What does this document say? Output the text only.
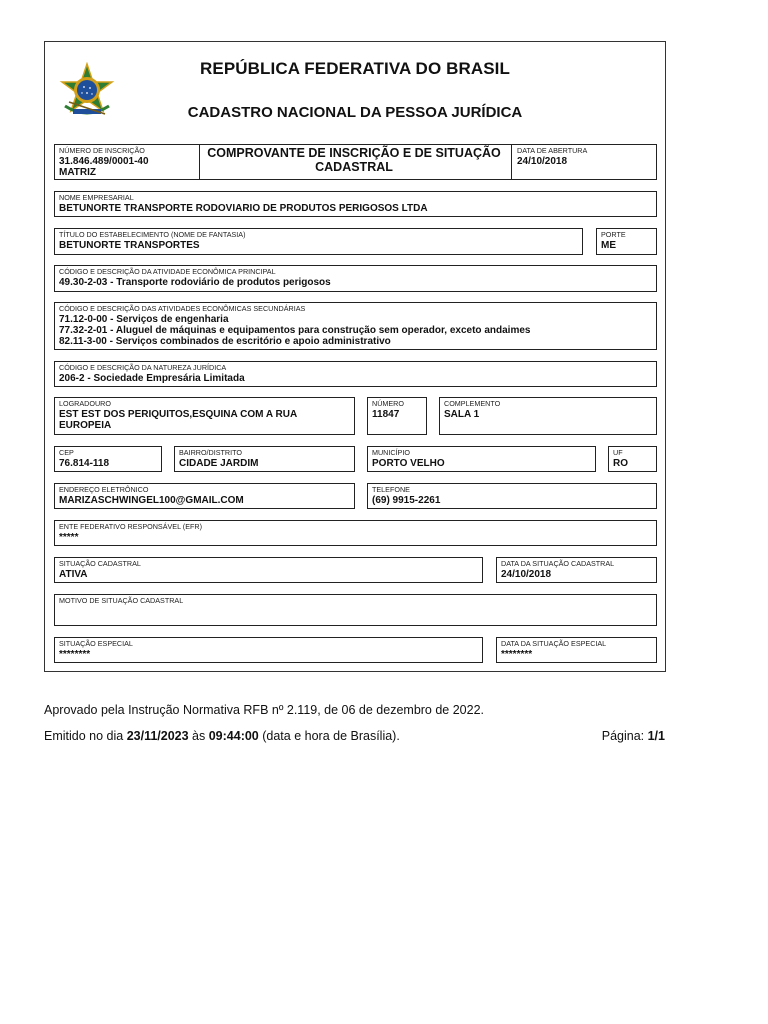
REPÚBLICA FEDERATIVA DO BRASIL
CADASTRO NACIONAL DA PESSOA JURÍDICA
NÚMERO DE INSCRIÇÃO
31.846.489/0001-40
MATRIZ
DATA DE ABERTURA
24/10/2018
COMPROVANTE DE INSCRIÇÃO E DE SITUAÇÃO
CADASTRAL
NOME EMPRESARIAL
BETUNORTE TRANSPORTE RODOVIARIO DE PRODUTOS PERIGOSOS LTDA
TÍTULO DO ESTABELECIMENTO (NOME DE FANTASIA)
BETUNORTE TRANSPORTES
PORTE
ME
CÓDIGO E DESCRIÇÃO DA ATIVIDADE ECONÔMICA PRINCIPAL
49.30-2-03 - Transporte rodoviário de produtos perigosos
CÓDIGO E DESCRIÇÃO DAS ATIVIDADES ECONÔMICAS SECUNDÁRIAS
71.12-0-00 - Serviços de engenharia
77.32-2-01 - Aluguel de máquinas e equipamentos para construção sem operador, exceto andaimes
82.11-3-00 - Serviços combinados de escritório e apoio administrativo
CÓDIGO E DESCRIÇÃO DA NATUREZA JURÍDICA
206-2 - Sociedade Empresária Limitada
LOGRADOURO
EST EST DOS PERIQUITOS,ESQUINA COM A RUA
EUROPEIA
NÚMERO
11847
COMPLEMENTO
SALA 1
CEP
76.814-118
BAIRRO/DISTRITO
CIDADE JARDIM
MUNICÍPIO
PORTO VELHO
UF
RO
ENDEREÇO ELETRÔNICO
MARIZASCHWINGEL100@GMAIL.COM
TELEFONE
(69) 9915-2261
ENTE FEDERATIVO RESPONSÁVEL (EFR)
*****
SITUAÇÃO CADASTRAL
ATIVA
DATA DA SITUAÇÃO CADASTRAL
24/10/2018
MOTIVO DE SITUAÇÃO CADASTRAL
SITUAÇÃO ESPECIAL
********
DATA DA SITUAÇÃO ESPECIAL
********
Aprovado pela Instrução Normativa RFB nº 2.119, de 06 de dezembro de 2022.
Emitido no dia 23/11/2023 às 09:44:00 (data e hora de Brasília).	Página: 1/1
